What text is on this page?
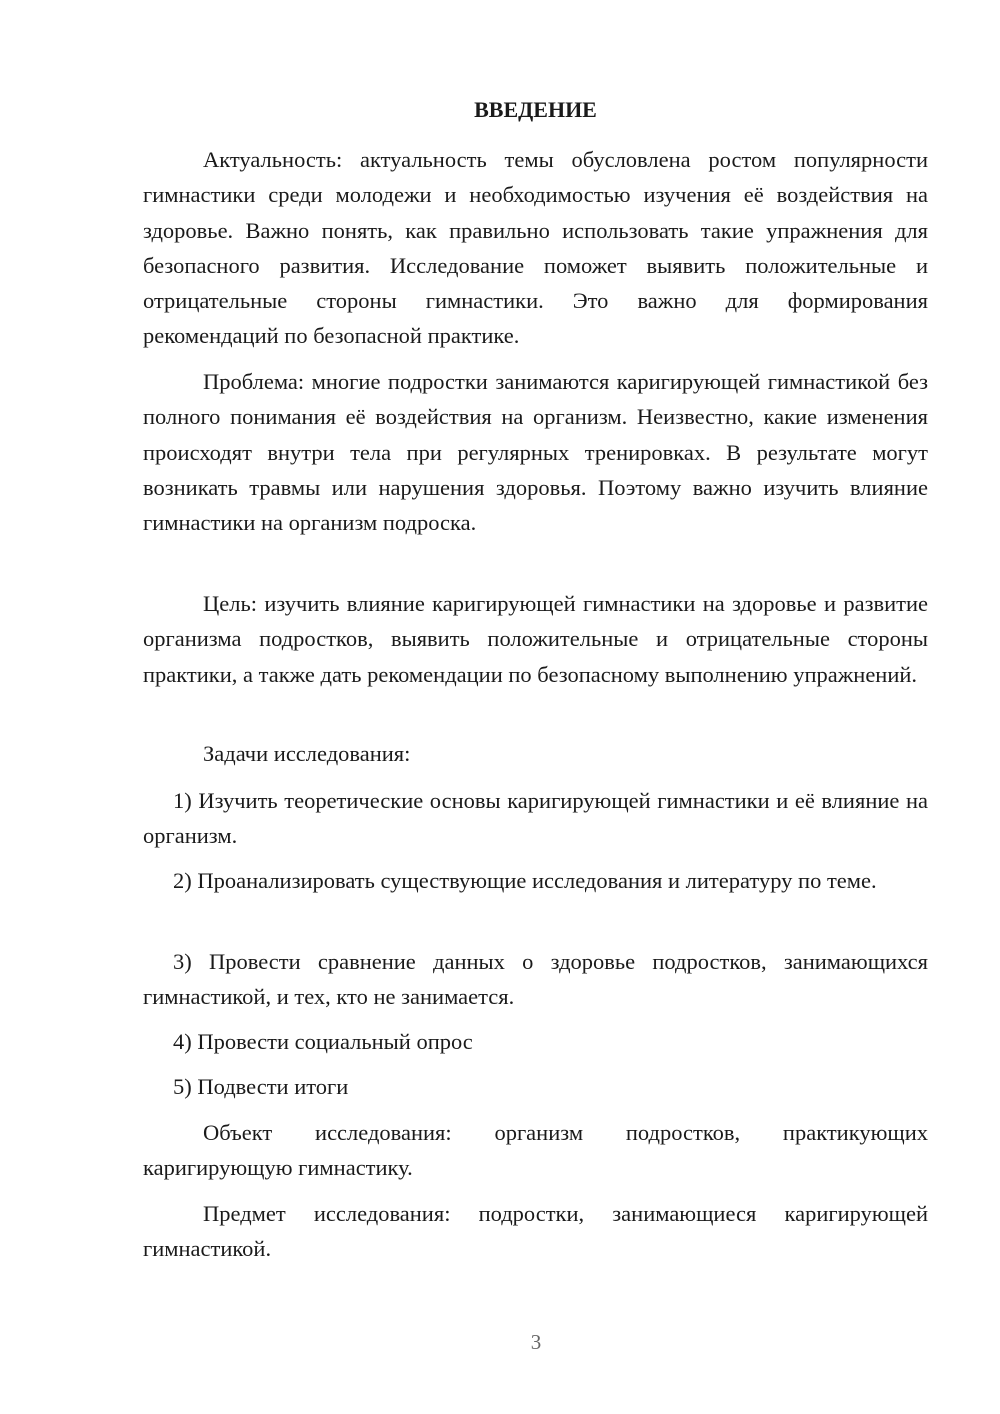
ВВЕДЕНИЕ

Актуальность: актуальность темы обусловлена ростом популярности гимнастики среди молодежи и необходимостью изучения её воздействия на здоровье. Важно понять, как правильно использовать такие упражнения для безопасного развития. Исследование поможет выявить положительные и отрицательные стороны гимнастики. Это важно для формирования рекомендаций по безопасной практике.

Проблема: многие подростки занимаются каригирующей гимнастикой без полного понимания её воздействия на организм. Неизвестно, какие изменения происходят внутри тела при регулярных тренировках. В результате могут возникать травмы или нарушения здоровья. Поэтому важно изучить влияние гимнастики на организм подроска.

Цель: изучить влияние каригирующей гимнастики на здоровье и развитие организма подростков, выявить положительные и отрицательные стороны практики, а также дать рекомендации по безопасному выполнению упражнений.

Задачи исследования:

1) Изучить теоретические основы каригирующей гимнастики и её влияние на организм.

2) Проанализировать существующие исследования и литературу по теме.

3) Провести сравнение данных о здоровье подростков, занимающихся гимнастикой, и тех, кто не занимается.

4) Провести социальный опрос

5) Подвести итоги

Объект исследования: организм подростков, практикующих каригирующую гимнастику.

Предмет исследования: подростки, занимающиеся каригирующей гимнастикой.

3
